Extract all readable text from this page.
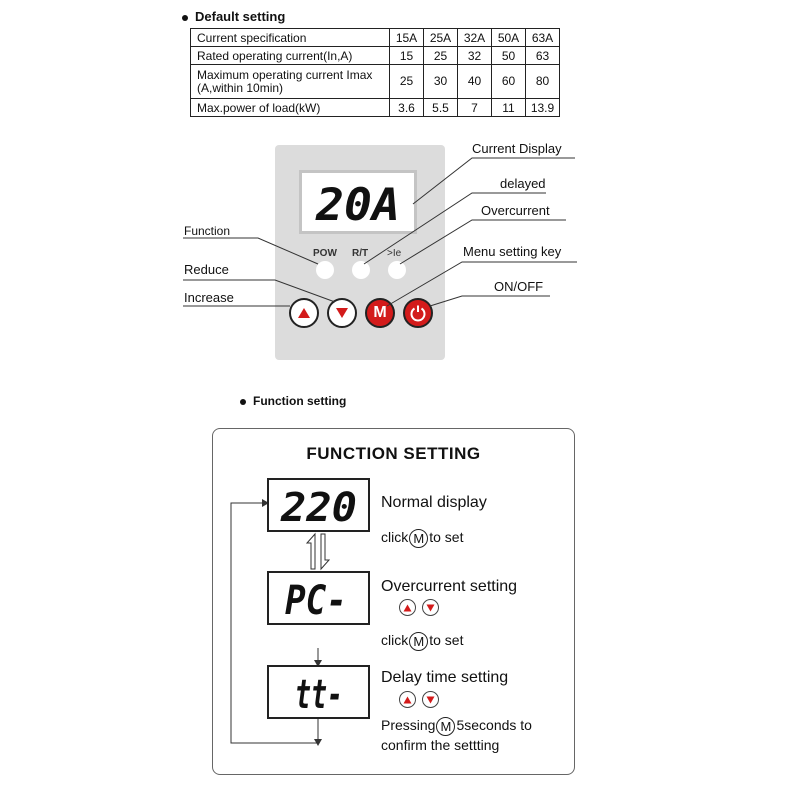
Default setting
Current specification	15A	25A	32A	50A	63A
Rated operating current(In,A)	15	25	32	50	63

Maximum operating current Imax
(A,within 10min)	25	30	40	60	80
Max.power of load(kW)	3.6	5.5	7	11	13.9
20A
POW R/T >Ie
M
Current Display
delayed
Overcurrent
Function
Menu setting key
Reduce
ON/OFF
Increase
Function setting
FUNCTION SETTING
220 Normal display
click M to set
PC- Overcurrent setting
click M to set
tt- Delay time setting
Pressing M 5seconds to
confirm the settting
